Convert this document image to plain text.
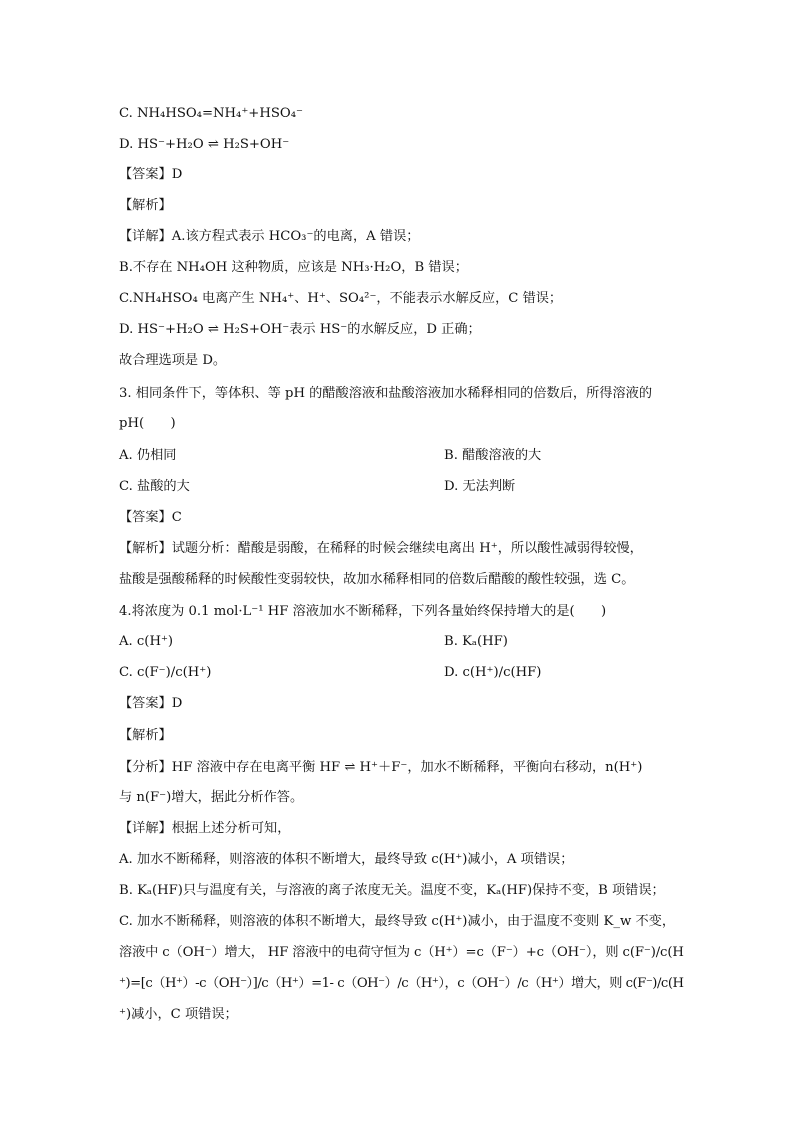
C. NH₄HSO₄=NH₄⁺+HSO₄⁻
D. HS⁻+H₂O ⇌ H₂S+OH⁻
【答案】D
【解析】
【详解】A.该方程式表示 HCO₃⁻的电离，A 错误；
B.不存在 NH₄OH 这种物质，应该是 NH₃·H₂O，B 错误；
C.NH₄HSO₄ 电离产生 NH₄⁺、H⁺、SO₄²⁻，不能表示水解反应，C 错误；
D. HS⁻+H₂O ⇌ H₂S+OH⁻表示 HS⁻的水解反应，D 正确；
故合理选项是 D。
3. 相同条件下，等体积、等 pH 的醋酸溶液和盐酸溶液加水稀释相同的倍数后，所得溶液的
pH(　　)
A. 仍相同	B. 醋酸溶液的大
C. 盐酸的大	D. 无法判断
【答案】C
【解析】试题分析：醋酸是弱酸，在稀释的时候会继续电离出 H⁺，所以酸性减弱得较慢，
盐酸是强酸稀释的时候酸性变弱较快，故加水稀释相同的倍数后醋酸的酸性较强，选 C。
4.将浓度为 0.1 mol·L⁻¹ HF 溶液加水不断稀释，下列各量始终保持增大的是(　　)
A. c(H⁺)	B. Kₐ(HF)
C. c(F⁻)/c(H⁺)	D. c(H⁺)/c(HF)
【答案】D
【解析】
【分析】HF 溶液中存在电离平衡 HF ⇌ H⁺＋F⁻，加水不断稀释，平衡向右移动，n(H⁺)
与 n(F⁻)增大，据此分析作答。
【详解】根据上述分析可知，
A. 加水不断稀释，则溶液的体积不断增大，最终导致 c(H⁺)减小，A 项错误；
B. Kₐ(HF)只与温度有关，与溶液的离子浓度无关。温度不变，Kₐ(HF)保持不变，B 项错误；
C. 加水不断稀释，则溶液的体积不断增大，最终导致 c(H⁺)减小，由于温度不变则 K_w 不变，
溶液中 c（OH⁻）增大， HF 溶液中的电荷守恒为 c（H⁺）=c（F⁻）+c（OH⁻），则 c(F⁻)/c(H
⁺)=[c（H⁺）-c（OH⁻）]/c（H⁺）=1- c（OH⁻）/c（H⁺），c（OH⁻）/c（H⁺）增大，则 c(F⁻)/c(H
⁺)减小，C 项错误；
